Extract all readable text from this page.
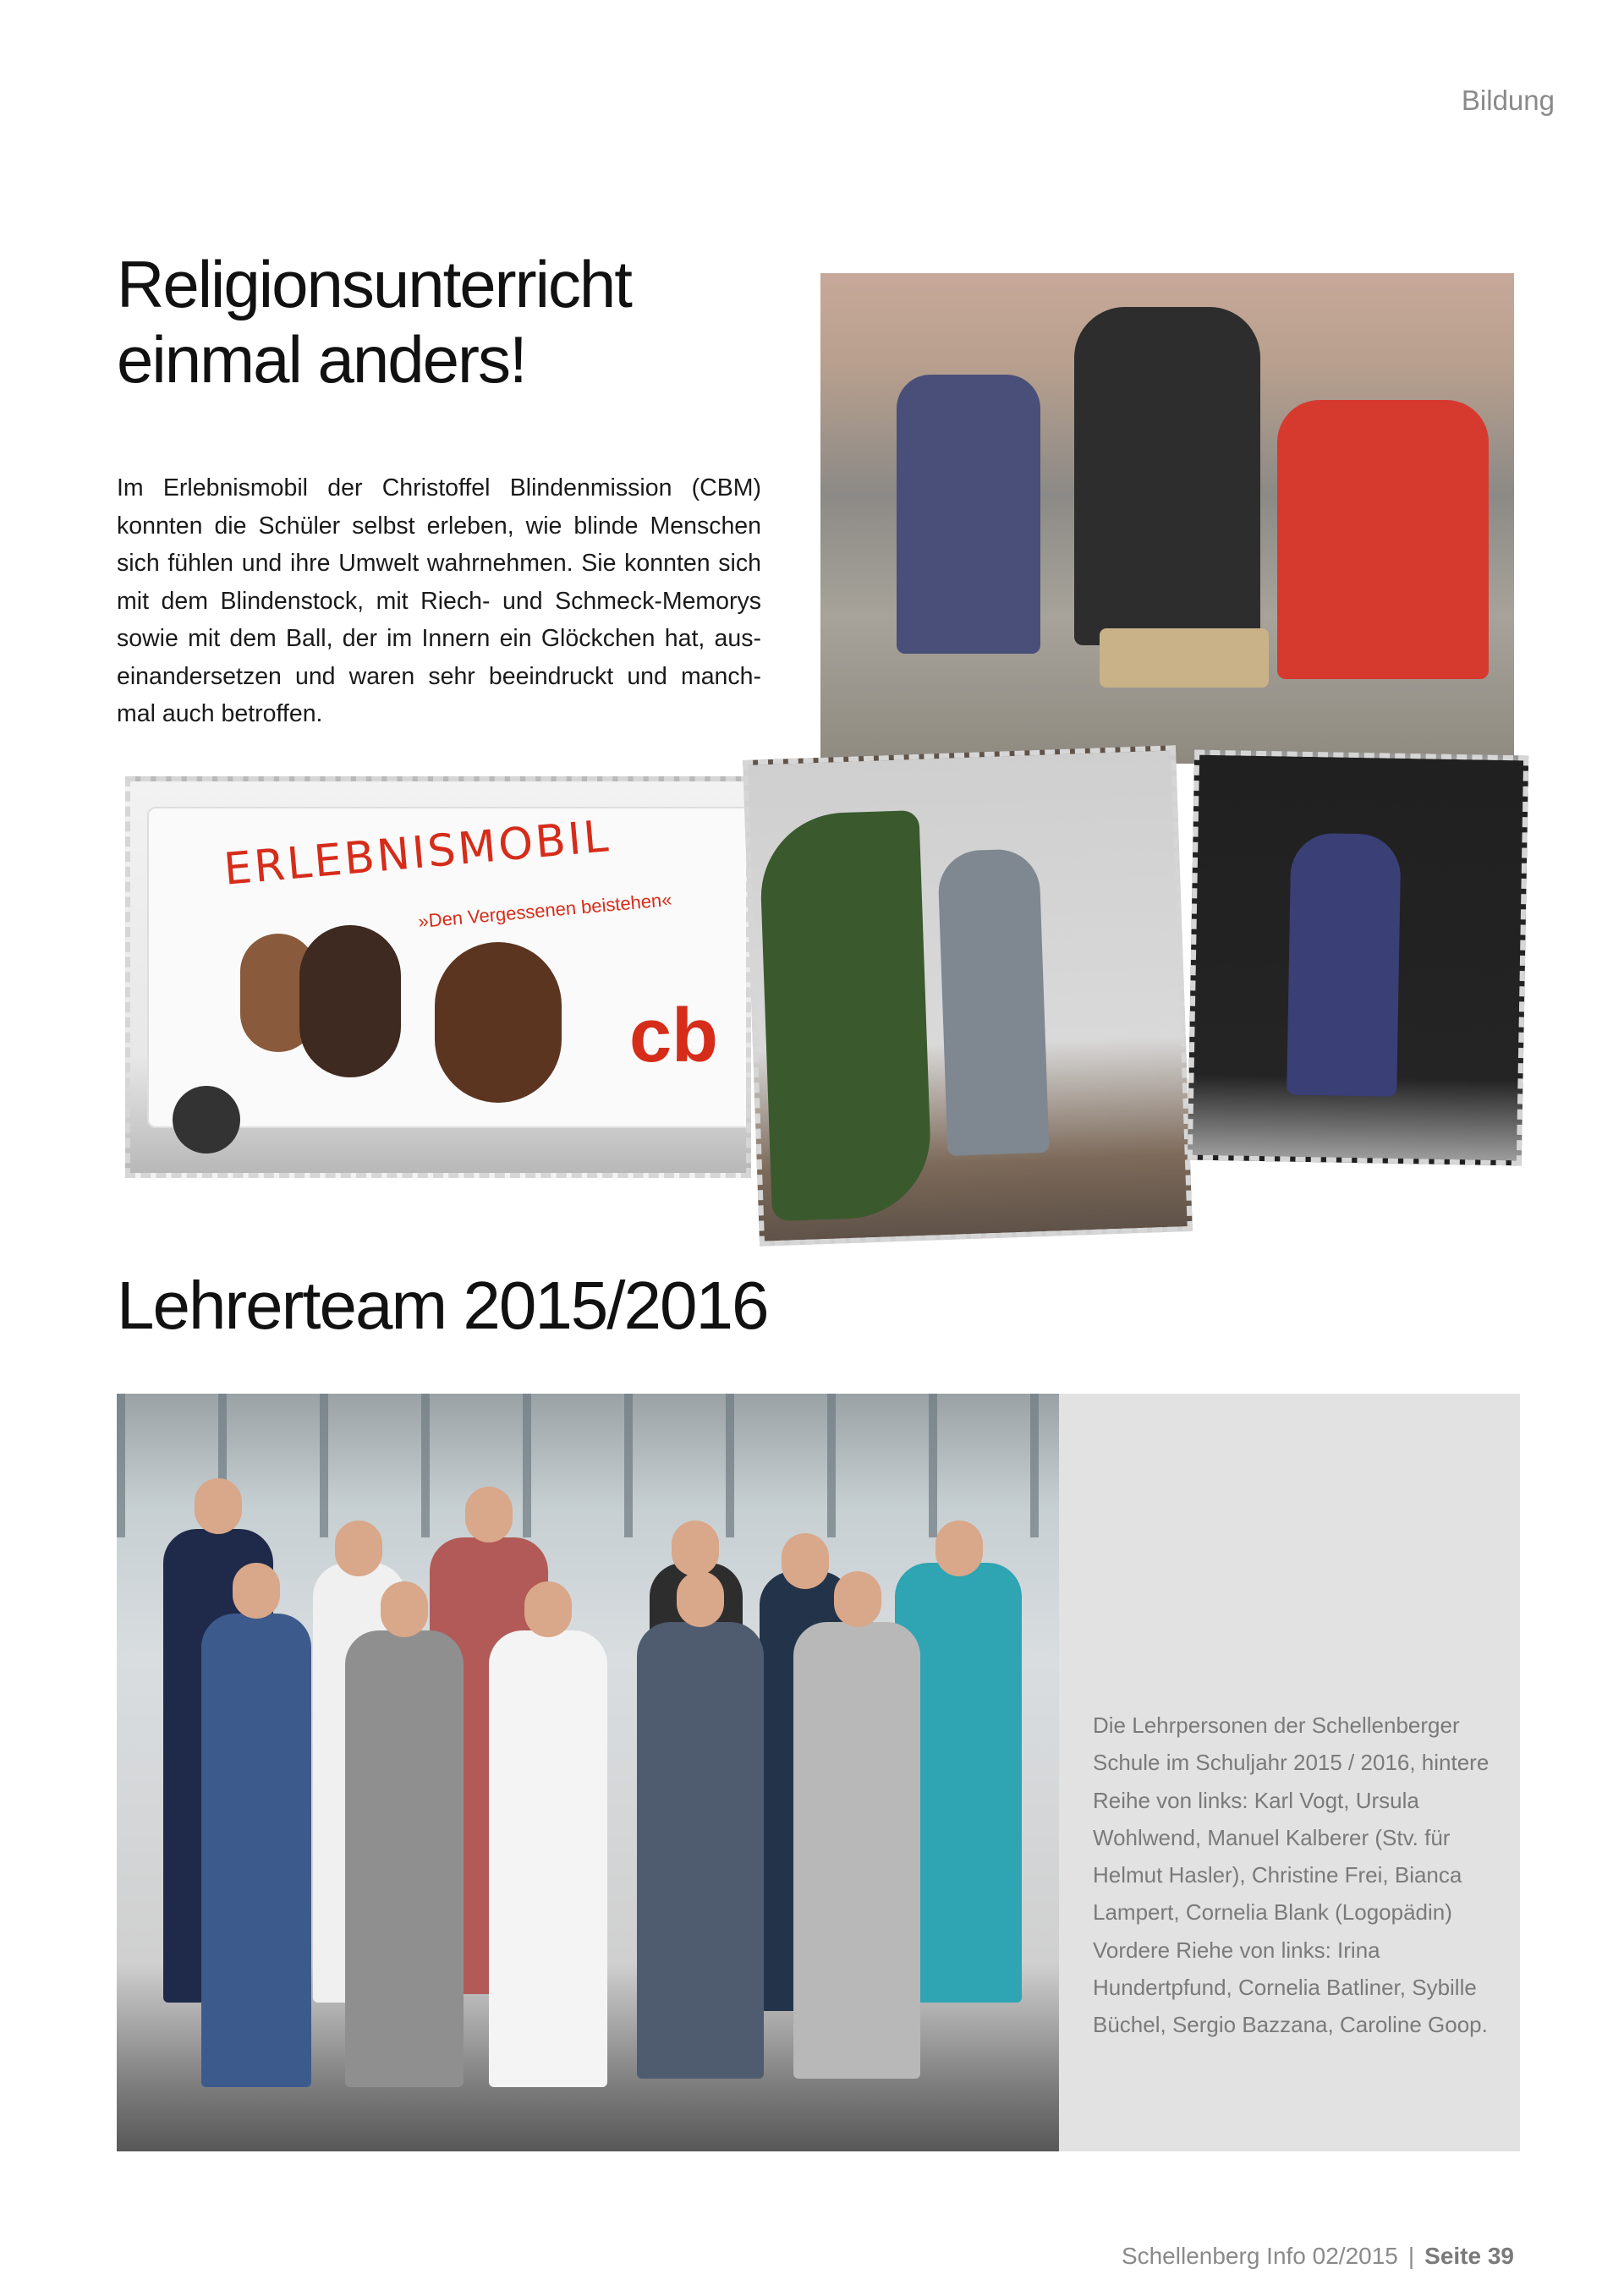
Bildung
Religionsunterricht
einmal anders!

Im Erlebnismobil der Christoffel Blindenmission (CBM) konnten die Schüler selbst erleben, wie blinde Menschen sich fühlen und ihre Umwelt wahrnehmen. Sie konnten sich mit dem Blindenstock, mit Riech- und Schmeck-Memorys sowie mit dem Ball, der im Innern ein Glöckchen hat, aus- einandersetzen und waren sehr beeindruckt und manch- mal auch betroffen.

ERLEBNISMOBIL
»Den Vergessenen beistehen«
cb
Lehrerteam 2015/2016

Die Lehrpersonen der Schellenberger Schule im Schuljahr 2015 / 2016, hintere Reihe von links: Karl Vogt, Ursula Wohlwend, Manuel Kalberer (Stv. für Helmut Hasler), Christine Frei, Bianca Lampert, Cornelia Blank (Logopädin) Vordere Riehe von links: Irina Hundertpfund, Cornelia Batliner, Sybille Büchel, Sergio Bazzana, Caroline Goop.

Schellenberg Info 02/2015 | Seite 39
